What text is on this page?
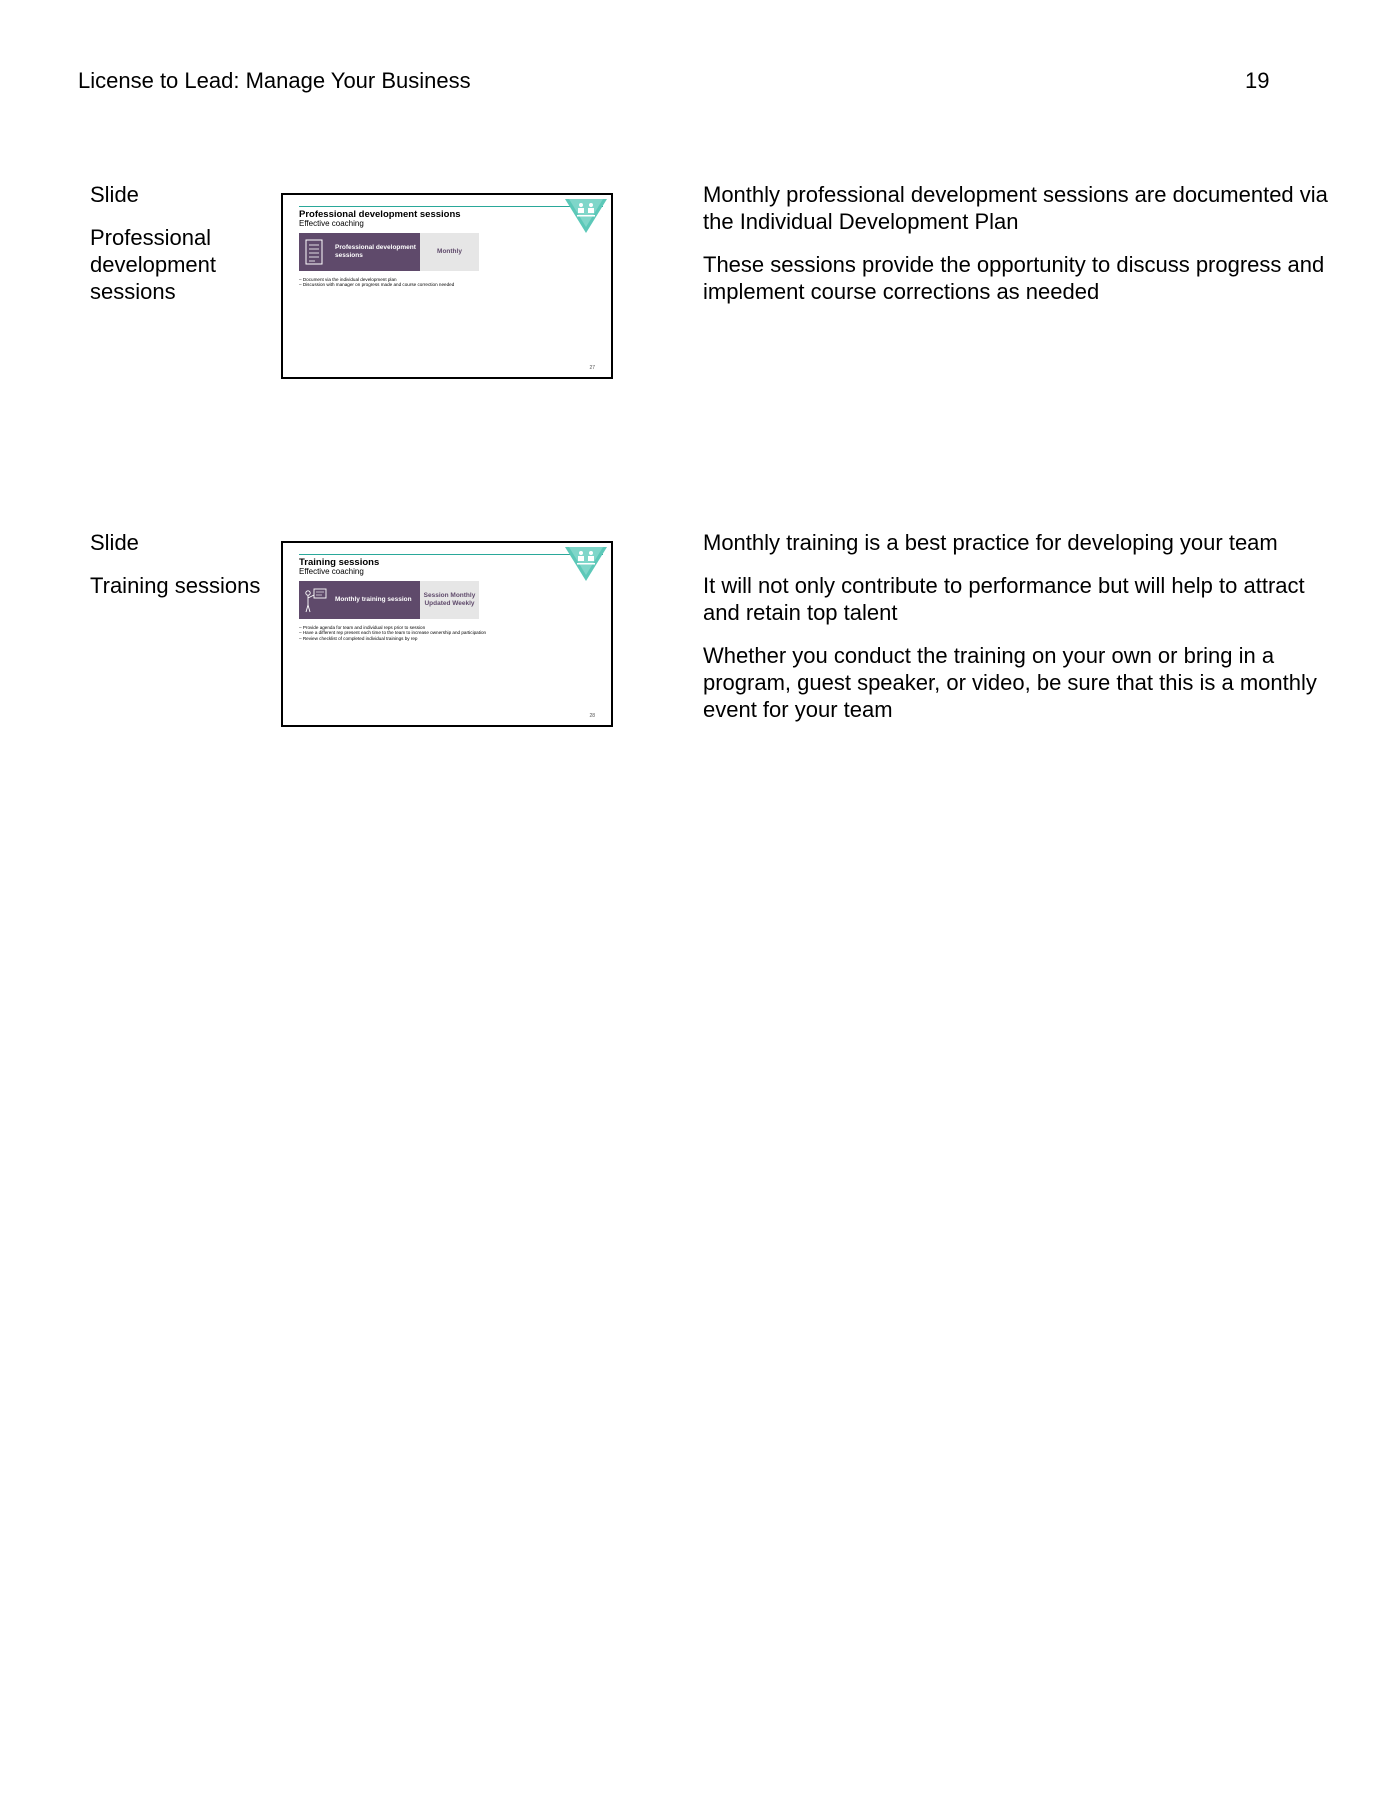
License to Lead: Manage Your Business	19
Slide
Professional development sessions
Professional development sessions
Effective coaching
Professional development sessions
Monthly
– Document via the individual development plan
– Discussion with manager on progress made and course correction needed
27

Monthly professional development sessions are documented via the Individual Development Plan

These sessions provide the opportunity to discuss progress and implement course corrections as needed

Slide
Training sessions
Training sessions
Effective coaching
Monthly training session
Session Monthly Updated Weekly
– Provide agenda for team and individual reps prior to session
– Have a different rep present each time to the team to increase ownership and participation
– Review checklist of completed individual trainings by rep
28

Monthly training is a best practice for developing your team

It will not only contribute to performance but will help to attract and retain top talent

Whether you conduct the training on your own or bring in a program, guest speaker, or video, be sure that this is a monthly event for your team
